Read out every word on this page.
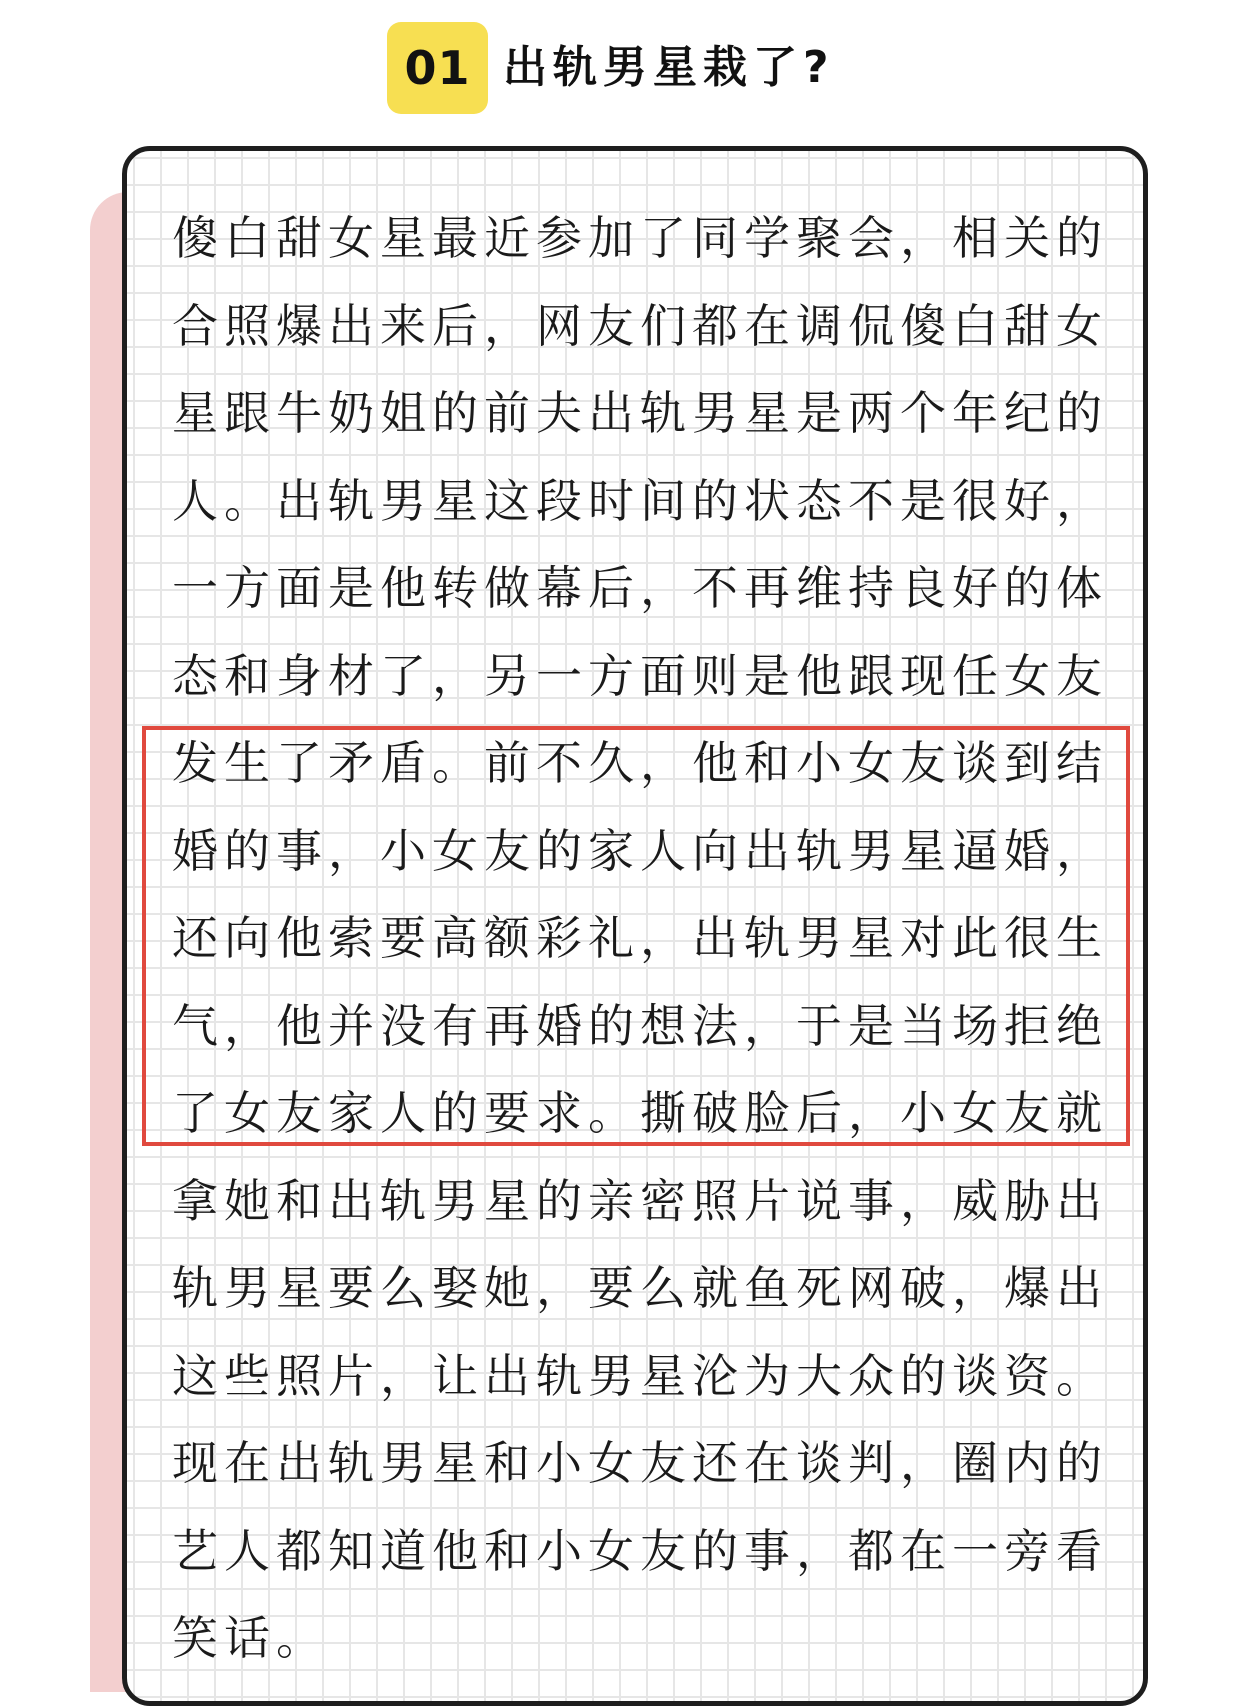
01 出轨男星栽了?
傻白甜女星最近参加了同学聚会，相关的
合照爆出来后，网友们都在调侃傻白甜女
星跟牛奶姐的前夫出轨男星是两个年纪的
人。出轨男星这段时间的状态不是很好，
一方面是他转做幕后，不再维持良好的体
态和身材了，另一方面则是他跟现任女友
发生了矛盾。前不久，他和小女友谈到结
婚的事，小女友的家人向出轨男星逼婚，
还向他索要高额彩礼，出轨男星对此很生
气，他并没有再婚的想法，于是当场拒绝
了女友家人的要求。撕破脸后，小女友就
拿她和出轨男星的亲密照片说事，威胁出
轨男星要么娶她，要么就鱼死网破，爆出
这些照片，让出轨男星沦为大众的谈资。
现在出轨男星和小女友还在谈判，圈内的
艺人都知道他和小女友的事，都在一旁看
笑话。
